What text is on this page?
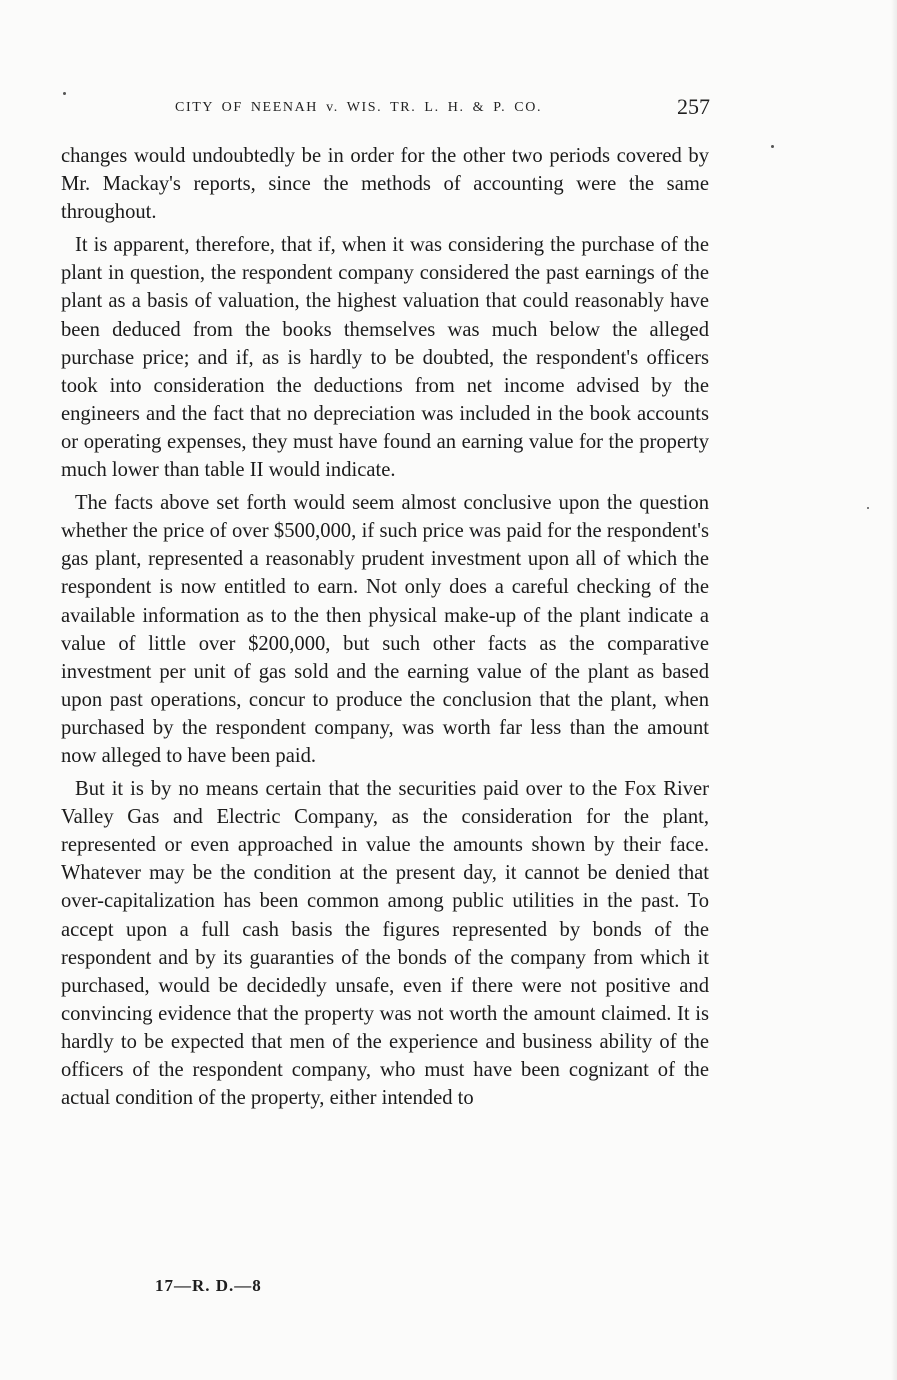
CITY OF NEENAH v. WIS. TR. L. H. & P. CO.	257

changes would undoubtedly be in order for the other two periods covered by Mr. Mackay's reports, since the methods of accounting were the same throughout.

It is apparent, therefore, that if, when it was considering the purchase of the plant in question, the respondent company considered the past earnings of the plant as a basis of valuation, the highest valuation that could reasonably have been deduced from the books themselves was much below the alleged purchase price; and if, as is hardly to be doubted, the respondent's officers took into consideration the deductions from net income advised by the engineers and the fact that no depreciation was included in the book accounts or operating expenses, they must have found an earning value for the property much lower than table II would indicate.

The facts above set forth would seem almost conclusive upon the question whether the price of over $500,000, if such price was paid for the respondent's gas plant, represented a reasonably prudent investment upon all of which the respondent is now entitled to earn. Not only does a careful checking of the available information as to the then physical make-up of the plant indicate a value of little over $200,000, but such other facts as the comparative investment per unit of gas sold and the earning value of the plant as based upon past operations, concur to produce the conclusion that the plant, when purchased by the respondent company, was worth far less than the amount now alleged to have been paid.

But it is by no means certain that the securities paid over to the Fox River Valley Gas and Electric Company, as the consideration for the plant, represented or even approached in value the amounts shown by their face. Whatever may be the condition at the present day, it cannot be denied that over-capitalization has been common among public utilities in the past. To accept upon a full cash basis the figures represented by bonds of the respondent and by its guaranties of the bonds of the company from which it purchased, would be decidedly unsafe, even if there were not positive and convincing evidence that the property was not worth the amount claimed. It is hardly to be expected that men of the experience and business ability of the officers of the respondent company, who must have been cognizant of the actual condition of the property, either intended to

17—R. D.—8
